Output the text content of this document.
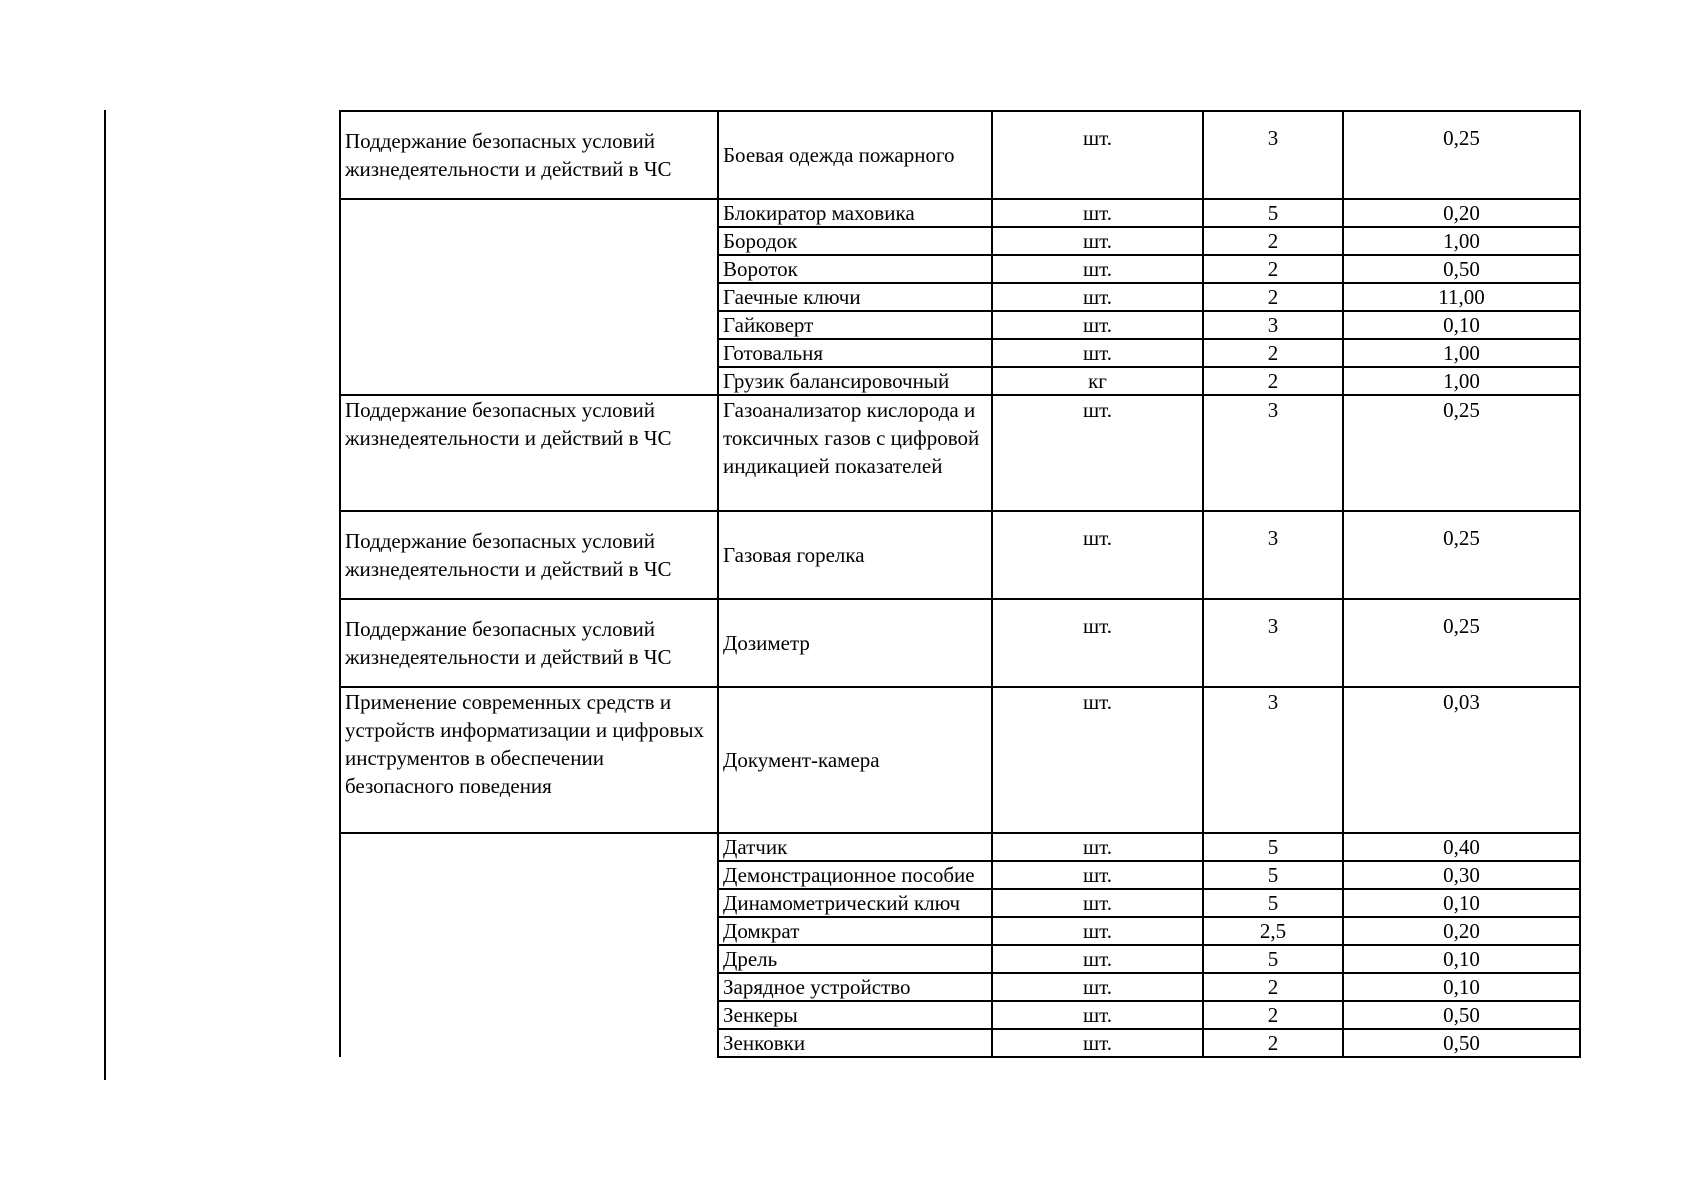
Поддержание безопасных условий жизнедеятельности и действий в ЧС	Боевая одежда пожарного	шт.	3	0,25

	Блокиратор маховика	шт.	5	0,20
	Бородок	шт.	2	1,00
	Вороток	шт.	2	0,50
	Гаечные ключи	шт.	2	11,00
	Гайковерт	шт.	3	0,10
	Готовальня	шт.	2	1,00
	Грузик балансировочный	кг	2	1,00
Поддержание безопасных условий жизнедеятельности и действий в ЧС	Газоанализатор кислорода и токсичных газов с цифровой индикацией показателей	шт.	3	0,25
Поддержание безопасных условий жизнедеятельности и действий в ЧС	Газовая горелка	шт.	3	0,25

Поддержание безопасных условий жизнедеятельности и действий в ЧС	Дозиметр	шт.	3	0,25

Применение современных средств и устройств информатизации и цифровых инструментов в обеспечении безопасного поведения	Документ-камера	шт.	3	0,03
	Датчик	шт.	5	0,40
	Демонстрационное пособие	шт.	5	0,30
	Динамометрический ключ	шт.	5	0,10
	Домкрат	шт.	2,5	0,20
	Дрель	шт.	5	0,10
	Зарядное устройство	шт.	2	0,10
	Зенкеры	шт.	2	0,50
	Зенковки	шт.	2	0,50
